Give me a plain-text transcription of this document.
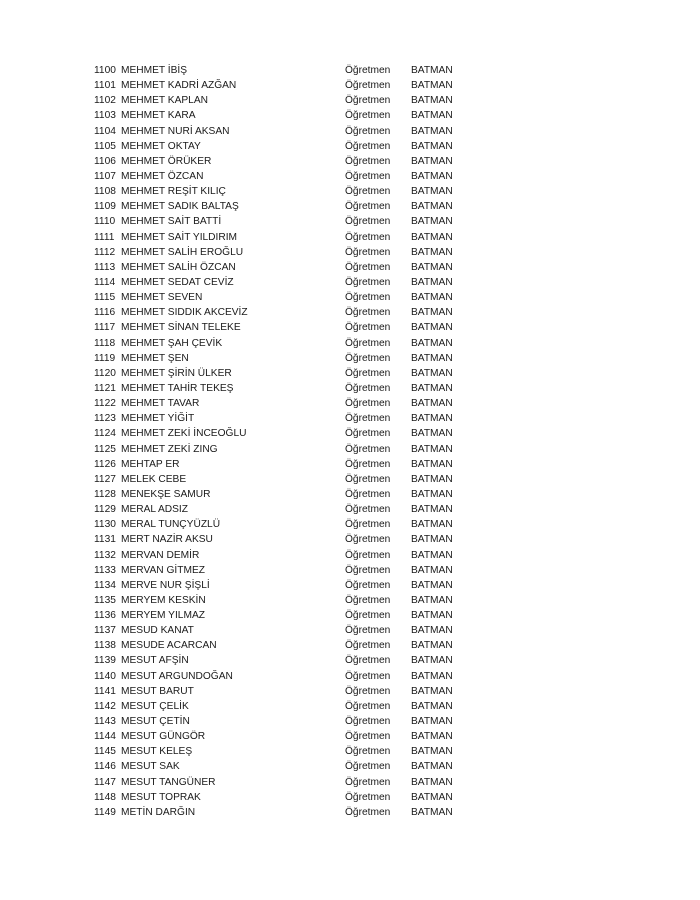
1100 MEHMET İBİŞ	Öğretmen BATMAN
1101 MEHMET KADRİ AZĞAN	Öğretmen BATMAN
1102 MEHMET KAPLAN	Öğretmen BATMAN
1103 MEHMET KARA	Öğretmen BATMAN
1104 MEHMET NURİ AKSAN	Öğretmen BATMAN
1105 MEHMET OKTAY	Öğretmen BATMAN
1106 MEHMET ÖRÜKER	Öğretmen BATMAN
1107 MEHMET ÖZCAN	Öğretmen BATMAN
1108 MEHMET REŞİT KILIÇ	Öğretmen BATMAN
1109 MEHMET SADIK BALTAŞ	Öğretmen BATMAN
1110 MEHMET SAİT BATTİ	Öğretmen BATMAN
1111 MEHMET SAİT YILDIRIM	Öğretmen BATMAN
1112 MEHMET SALİH EROĞLU	Öğretmen BATMAN
1113 MEHMET SALİH ÖZCAN	Öğretmen BATMAN
1114 MEHMET SEDAT CEVİZ	Öğretmen BATMAN
1115 MEHMET SEVEN	Öğretmen BATMAN
1116 MEHMET SIDDIK AKCEVİZ	Öğretmen BATMAN
1117 MEHMET SİNAN TELEKE	Öğretmen BATMAN
1118 MEHMET ŞAH ÇEVİK	Öğretmen BATMAN
1119 MEHMET ŞEN	Öğretmen BATMAN
1120 MEHMET ŞİRİN ÜLKER	Öğretmen BATMAN
1121 MEHMET TAHİR TEKEŞ	Öğretmen BATMAN
1122 MEHMET TAVAR	Öğretmen BATMAN
1123 MEHMET YİĞİT	Öğretmen BATMAN
1124 MEHMET ZEKİ İNCEOĞLU	Öğretmen BATMAN
1125 MEHMET ZEKİ ZING	Öğretmen BATMAN
1126 MEHTAP ER	Öğretmen BATMAN
1127 MELEK CEBE	Öğretmen BATMAN
1128 MENEKŞE SAMUR	Öğretmen BATMAN
1129 MERAL ADSIZ	Öğretmen BATMAN
1130 MERAL TUNÇYÜZLÜ	Öğretmen BATMAN
1131 MERT NAZİR AKSU	Öğretmen BATMAN
1132 MERVAN DEMİR	Öğretmen BATMAN
1133 MERVAN GİTMEZ	Öğretmen BATMAN
1134 MERVE NUR ŞİŞLİ	Öğretmen BATMAN
1135 MERYEM KESKİN	Öğretmen BATMAN
1136 MERYEM YILMAZ	Öğretmen BATMAN
1137 MESUD KANAT	Öğretmen BATMAN
1138 MESUDE ACARCAN	Öğretmen BATMAN
1139 MESUT AFŞİN	Öğretmen BATMAN
1140 MESUT ARGUNDOĞAN	Öğretmen BATMAN
1141 MESUT BARUT	Öğretmen BATMAN
1142 MESUT ÇELİK	Öğretmen BATMAN
1143 MESUT ÇETİN	Öğretmen BATMAN
1144 MESUT GÜNGÖR	Öğretmen BATMAN
1145 MESUT KELEŞ	Öğretmen BATMAN
1146 MESUT SAK	Öğretmen BATMAN
1147 MESUT TANGÜNER	Öğretmen BATMAN
1148 MESUT TOPRAK	Öğretmen BATMAN
1149 METİN DARĞIN	Öğretmen BATMAN
